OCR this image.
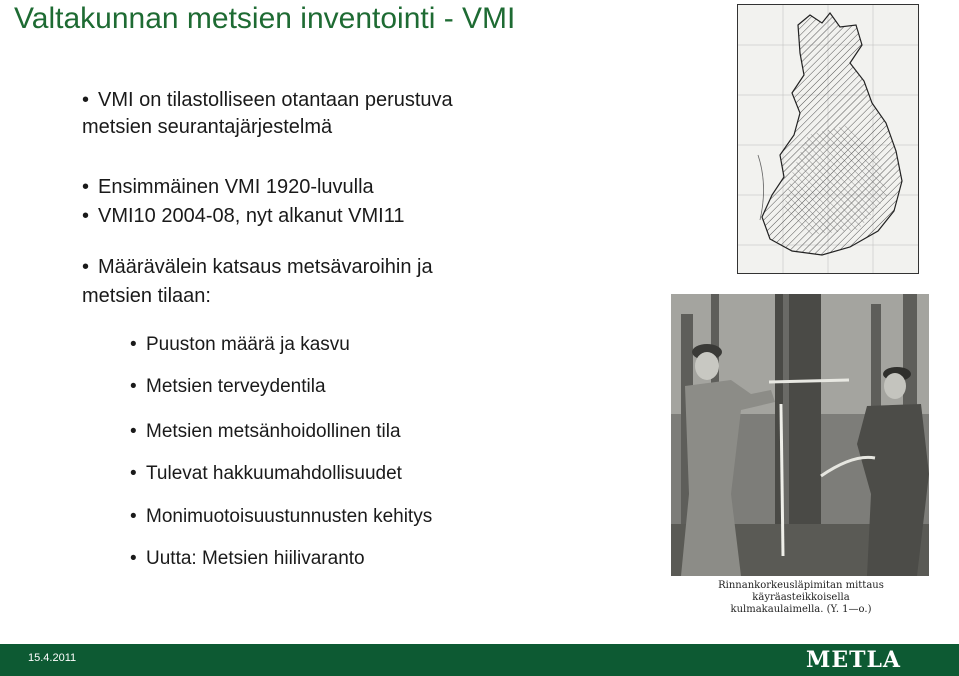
Valtakunnan metsien inventointi - VMI
• VMI on tilastolliseen otantaan perustuva
metsien seurantajärjestelmä
• Ensimmäinen VMI 1920-luvulla
• VMI10 2004-08, nyt alkanut VMI11
• Määrävälein katsaus metsävaroihin ja
metsien tilaan:
• Puuston määrä ja kasvu
• Metsien terveydentila
• Metsien metsänhoidollinen tila
• Tulevat hakkuumahdollisuudet
• Monimuotoisuustunnusten kehitys
• Uutta: Metsien hiilivaranto
Rinnankorkeusläpimitan mittaus käyräasteikkoisella
kulmakaulaimella. (Y. 1—o.)
15.4.2011	METLA
